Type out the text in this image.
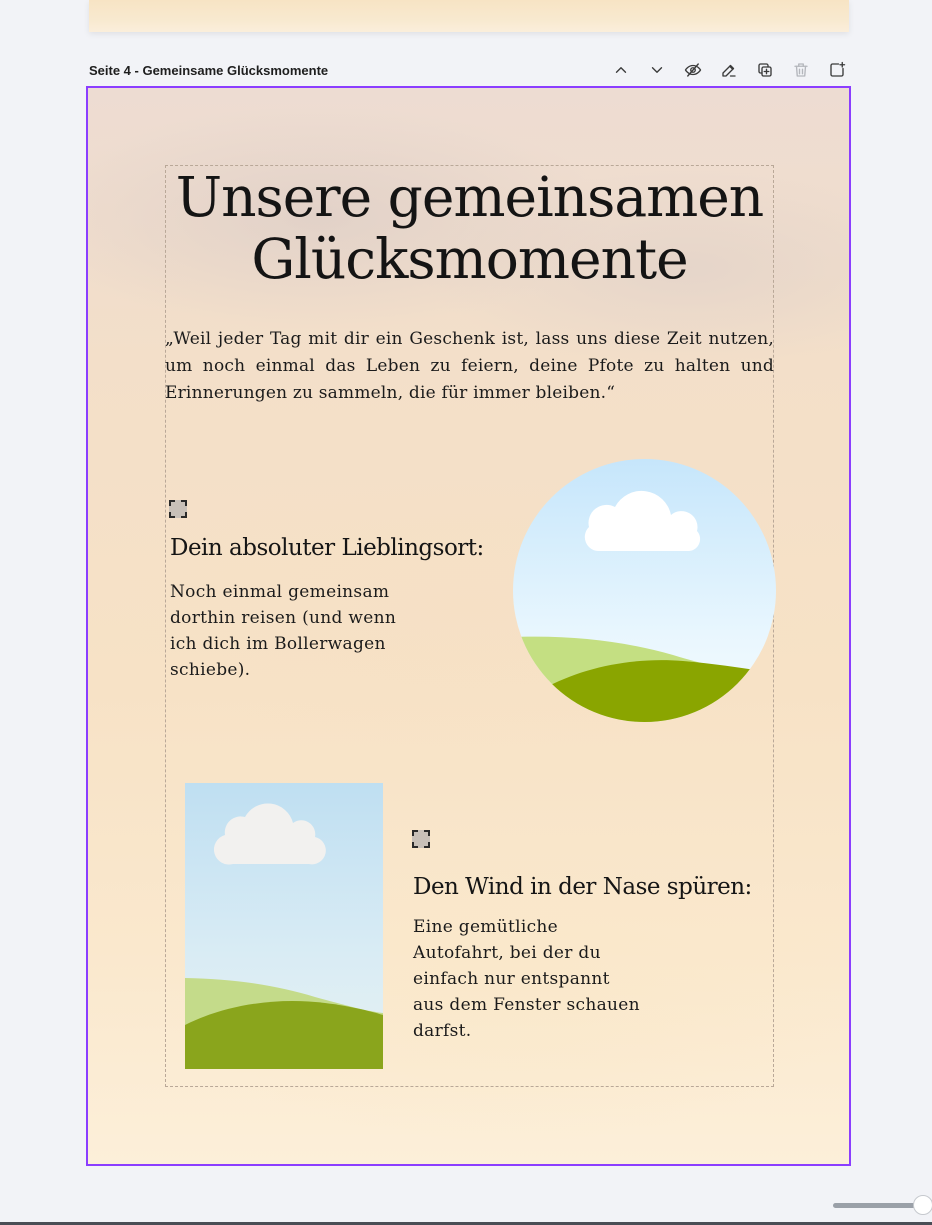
Seite 4 - Gemeinsame Glücksmomente
Unsere gemeinsamen Glücksmomente

„Weil jeder Tag mit dir ein Geschenk ist, lass uns diese Zeit nutzen, um noch einmal das Leben zu feiern, deine Pfote zu halten und Erinnerungen zu sammeln, die für immer bleiben.“

Dein absoluter Lieblingsort:

Noch einmal gemeinsam dorthin reisen (und wenn ich dich im Bollerwagen schiebe).

Den Wind in der Nase spüren:

Eine gemütliche Autofahrt, bei der du einfach nur entspannt aus dem Fenster schauen darfst.
